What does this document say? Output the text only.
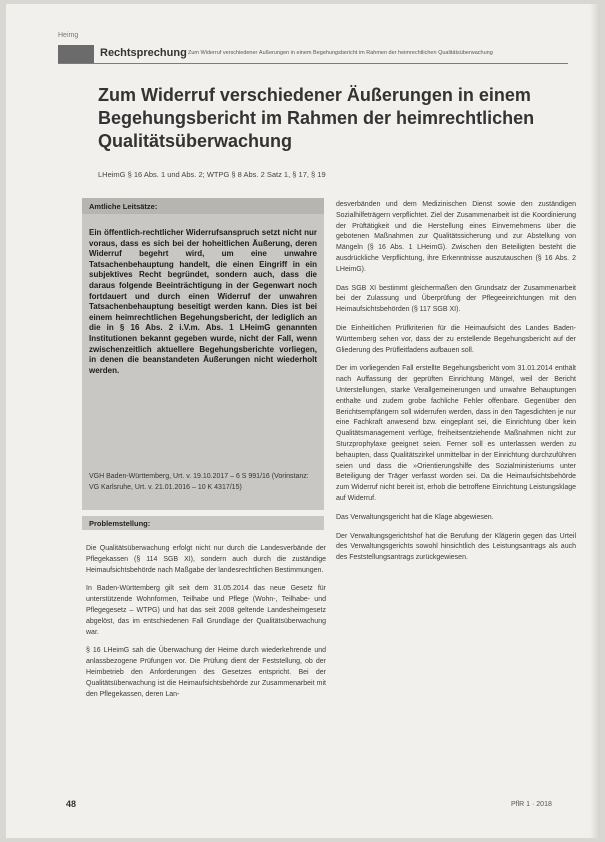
Heimg
Rechtsprechung Zum Widerruf verschiedener Äußerungen in einem Begehungsbericht im Rahmen der heimrechtlichen Qualitätsüberwachung
Zum Widerruf verschiedener Äußerungen in einem Begehungsbericht im Rahmen der heimrechtlichen Qualitätsüberwachung
LHeimG § 16 Abs. 1 und Abs. 2; WTPG § 8 Abs. 2 Satz 1, § 17, § 19
Amtliche Leitsätze:

Ein öffentlich-rechtlicher Widerrufsanspruch setzt nicht nur voraus, dass es sich bei der hoheitlichen Äußerung, deren Widerruf begehrt wird, um eine unwahre Tatsachenbehauptung handelt, die einen Eingriff in ein subjektives Recht begründet, sondern auch, dass die daraus folgende Beeinträchtigung in der Gegenwart noch fortdauert und durch einen Widerruf der unwahren Tatsachenbehauptung beseitigt werden kann. Dies ist bei einem heimrechtlichen Begehungsbericht, der lediglich an die in § 16 Abs. 2 i.V.m. Abs. 1 LHeimG genannten Institutionen bekannt gegeben wurde, nicht der Fall, wenn zwischenzeitlich aktuellere Begehungsberichte vorliegen, in denen die beanstandeten Äußerungen nicht wiederholt werden.

VGH Baden-Württemberg, Urt. v. 19.10.2017 – 6 S 991/16 (Vorinstanz: VG Karlsruhe, Urt. v. 21.01.2016 – 10 K 4317/15)

Problemstellung:

Die Qualitätsüberwachung erfolgt nicht nur durch die Landesverbände der Pflegekassen (§ 114 SGB XI), sondern auch durch die zuständige Heimaufsichtsbehörde nach Maßgabe der landesrechtlichen Bestimmungen.

In Baden-Württemberg gilt seit dem 31.05.2014 das neue Gesetz für unterstützende Wohnformen, Teilhabe und Pflege (Wohn-, Teilhabe- und Pflegegesetz – WTPG) und hat das seit 2008 geltende Landesheimgesetz abgelöst, das im entschiedenen Fall Grundlage der Qualitätsüberwachung war.

§ 16 LHeimG sah die Überwachung der Heime durch wiederkehrende und anlassbezogene Prüfungen vor. Die Prüfung dient der Feststellung, ob der Heimbetrieb den Anforderungen des Gesetzes entspricht. Bei der Qualitätsüberwachung ist die Heimaufsichtsbehörde zur Zusammenarbeit mit den Pflegekassen, deren Lan-

desverbänden und dem Medizinischen Dienst sowie den zuständigen Sozialhilfeträgern verpflichtet. Ziel der Zusammenarbeit ist die Koordinierung der Prüftätigkeit und die Herstellung eines Einvernehmens über die gebotenen Maßnahmen zur Qualitätssicherung und zur Abstellung von Mängeln (§ 16 Abs. 1 LHeimG). Zwischen den Beteiligten besteht die ausdrückliche Verpflichtung, ihre Erkenntnisse auszutauschen (§ 16 Abs. 2 LHeimG).

Das SGB XI bestimmt gleichermaßen den Grundsatz der Zusammenarbeit bei der Zulassung und Überprüfung der Pflegeeinrichtungen mit den Heimaufsichtsbehörden (§ 117 SGB XI).

Die Einheitlichen Prüfkriterien für die Heimaufsicht des Landes Baden-Württemberg sehen vor, dass der zu erstellende Begehungsbericht auf der Gliederung des Prüfleitfadens aufbauen soll.

Der im vorliegenden Fall erstellte Begehungsbericht vom 31.01.2014 enthält nach Auffassung der geprüften Einrichtung Mängel, weil der Bericht Unterstellungen, starke Verallgemeinerungen und unwahre Behauptungen enthalte und zudem grobe fachliche Fehler offenbare. Gegenüber den Berichtsempfängern soll widerrufen werden, dass in den Tagesdichten je nur eine Fachkraft anwesend bzw. eingeplant sei, die Einrichtung über kein Qualitätsmanagement verfüge, freiheitsentziehende Maßnahmen nicht zur Sturzprophylaxe geeignet seien. Ferner soll es unterlassen werden zu behaupten, dass Qualitätszirkel unmittelbar in der Einrichtung durchzuführen seien und dass die »Orientierungshilfe des Sozialministeriums unter Beteiligung der Träger verfasst worden sei. Da die Heimaufsichtsbehörde zum Widerruf nicht bereit ist, erhob die betroffene Einrichtung Leistungsklage auf Widerruf.

Das Verwaltungsgericht hat die Klage abgewiesen.

Der Verwaltungsgerichtshof hat die Berufung der Klägerin gegen das Urteil des Verwaltungsgerichts sowohl hinsichtlich des Leistungsantrags als auch des Feststellungsantrags zurückgewiesen.

48	PflR 1 · 2018
